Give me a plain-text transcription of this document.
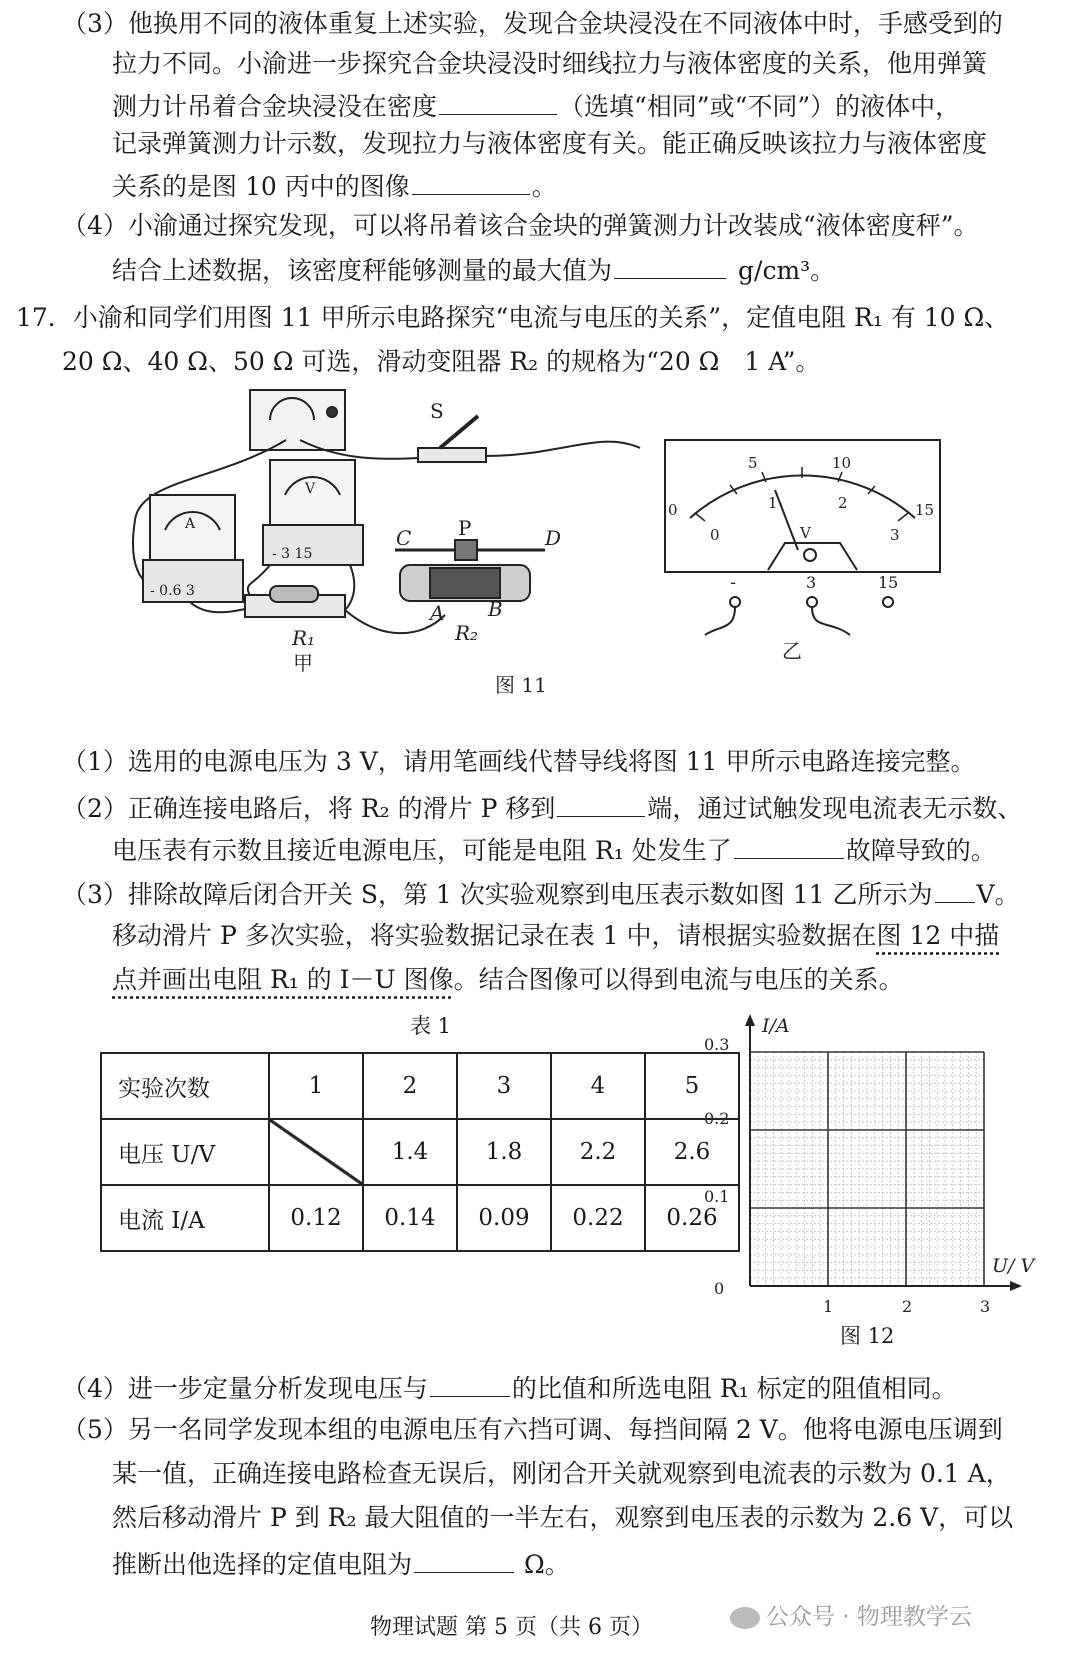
（3）他换用不同的液体重复上述实验，发现合金块浸没在不同液体中时，手感受到的
拉力不同。小渝进一步探究合金块浸没时细线拉力与液体密度的关系，他用弹簧
测力计吊着合金块浸没在密度	（选填“相同”或“不同”）的液体中，
记录弹簧测力计示数，发现拉力与液体密度有关。能正确反映该拉力与液体密度
关系的是图 10 丙中的图像	。
（4）小渝通过探究发现，可以将吊着该合金块的弹簧测力计改装成“液体密度秤”。
结合上述数据，该密度秤能够测量的最大值为	g/cm³。
17．小渝和同学们用图 11 甲所示电路探究“电流与电压的关系”，定值电阻 R₁ 有 10 Ω、
20 Ω、40 Ω、50 Ω 可选，滑动变阻器 R₂ 的规格为“20 Ω　1 A”。
S
P
C	D
A B
R₁	R₂
甲	乙
图 11
A
- 0.6 3
V
- 3 15
0
5	10
15
0
1	2
3
V
-	3	15
（1）选用的电源电压为 3 V，请用笔画线代替导线将图 11 甲所示电路连接完整。
（2）正确连接电路后，将 R₂ 的滑片 P 移到	端，通过试触发现电流表无示数、
电压表有示数且接近电源电压，可能是电阻 R₁ 处发生了	故障导致的。
（3）排除故障后闭合开关 S，第 1 次实验观察到电压表示数如图 11 乙所示为 V。
移动滑片 P 多次实验，将实验数据记录在表 1 中，请根据实验数据在图 12 中描
点并画出电阻 R₁ 的 I－U 图像。结合图像可以得到电流与电压的关系。
表 1
实验次数	1	2	3	4	5
电压 U/V		1.4	1.8	2.2	2.6
电流 I/A	0.12	0.14	0.09	0.22	0.26
I/A
U/ V
0.3
0.2
0.1
0
1	2	3
图 12
（4）进一步定量分析发现电压与	的比值和所选电阻 R₁ 标定的阻值相同。
（5）另一名同学发现本组的电源电压有六挡可调、每挡间隔 2 V。他将电源电压调到
某一值，正确连接电路检查无误后，刚闭合开关就观察到电流表的示数为 0.1 A，
然后移动滑片 P 到 R₂ 最大阻值的一半左右，观察到电压表的示数为 2.6 V，可以
推断出他选择的定值电阻为	Ω。
物理试题 第 5 页（共 6 页）	公众号 · 物理教学云
